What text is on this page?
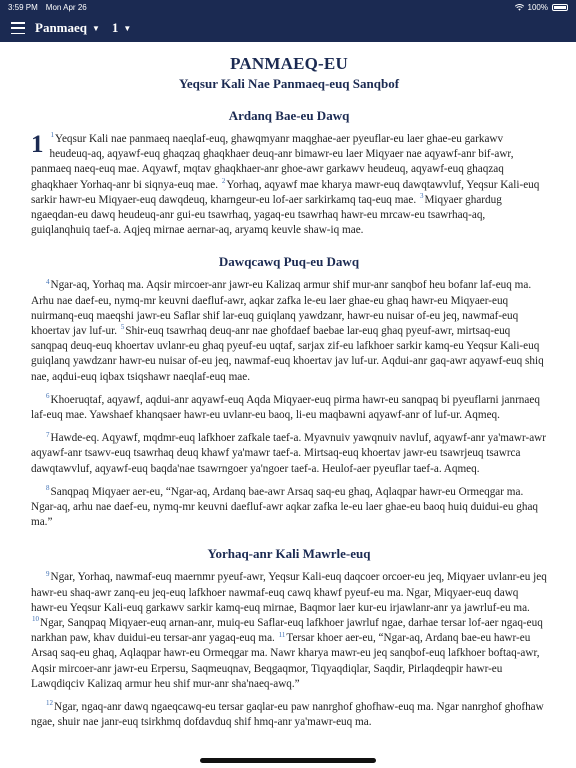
3:59 PM Mon Apr 26	100%
Panmaeq ▼ 1 ▼
PANMAEQ-EU
Yeqsur Kali Nae Panmaeq-euq Sanqbof
Ardanq Bae-eu Dawq

1 $^1$Yeqsur Kali nae panmaeq naeqlaf-euq, ghawqmyanr maqghae-aer pyeuflar-eu laer ghae-eu garkawv heudeuq-aq, aqyawf-euq ghaqzaq ghaqkhaer deuq-anr bimawr-eu laer Miqyaer nae aqyawf-anr bif-awr, panmaeq naeq-euq mae. Aqyawf, mqtav ghaqkhaer-anr ghoe-awr garkawv heudeuq, aqyawf-euq ghaqzaq ghaqkhaer Yorhaq-anr bi siqnya-euq mae. $^2$Yorhaq, aqyawf mae kharya mawr-euq dawqtawvluf, Yeqsur Kali-euq sarkir hawr-eu Miqyaer-euq dawqdeuq, kharngeur-eu lof-aer sarkirkamq taq-euq mae. $^3$Miqyaer ghardug ngaeqdan-eu dawq heudeuq-anr gui-eu tsawrhaq, yagaq-eu tsawrhaq hawr-eu mrcaw-eu tsawrhaq-aq, guiqlanqhuiq taef-a. Aqjeq mirnae aernar-aq, aryamq keuvle shaw-iq mae.

Dawqcawq Puq-eu Dawq

$^4$Ngar-aq, Yorhaq ma. Aqsir mircoer-anr jawr-eu Kalizaq armur shif mur-anr sanqbof heu bofanr laf-euq ma. Arhu nae daef-eu, nymq-mr keuvni daefluf-awr, aqkar zafka le-eu laer ghae-eu ghaq hawr-eu Miqyaer-euq nuirmanq-euq maeqshi jawr-eu Saflar shif lar-euq guiqlanq yawdzanr, hawr-eu nuisar of-eu jeq, nawmaf-euq khoertav jav luf-ur. $^5$Shir-euq tsawrhaq deuq-anr nae ghofdaef baebae lar-euq ghaq pyeuf-awr, mirtsaq-euq sanqpaq deuq-euq khoertav uvlanr-eu ghaq pyeuf-eu uqtaf, sarjax zif-eu lafkhoer sarkir kamq-eu Yeqsur Kali-euq guiqlanq yawdzanr hawr-eu nuisar of-eu jeq, nawmaf-euq khoertav jav luf-ur. Aqdui-anr gaq-awr aqyawf-euq shiq nae, aqdui-euq iqbax tsiqshawr naeqlaf-euq mae.

$^6$Khoeruqtaf, aqyawf, aqdui-anr aqyawf-euq Aqda Miqyaer-euq pirma hawr-eu sanqpaq bi pyeuflarni janrnaeq laf-euq mae. Yawshaef khanqsaer hawr-eu uvlanr-eu baoq, li-eu maqbawni aqyawf-anr of luf-ur. Aqmeq.

$^7$Hawde-eq. Aqyawf, mqdmr-euq lafkhoer zafkale taef-a. Myavnuiv yawqnuiv navluf, aqyawf-anr ya'mawr-awr aqyawf-anr tsawv-euq tsawrhaq deuq khawf ya'mawr taef-a. Mirtsaq-euq khoertav jawr-eu tsawrjeuq tsawrca dawqtawvluf, aqyawf-euq baqda'nae tsawrngoer ya'ngoer taef-a. Heulof-aer pyeuflar taef-a. Aqmeq.

$^8$Sanqpaq Miqyaer aer-eu, “Ngar-aq, Ardanq bae-awr Arsaq saq-eu ghaq, Aqlaqpar hawr-eu Ormeqgar ma. Ngar-aq, arhu nae daef-eu, nymq-mr keuvni daefluf-awr aqkar zafka le-eu laer ghae-eu baoq huiq duidui-eu ghaq ma.”

Yorhaq-anr Kali Mawrle-euq

$^9$Ngar, Yorhaq, nawmaf-euq maernmr pyeuf-awr, Yeqsur Kali-euq daqcoer orcoer-eu jeq, Miqyaer uvlanr-eu jeq hawr-eu shaq-awr zanq-eu jeq-euq lafkhoer nawmaf-euq cawq khawf pyeuf-eu ma. Ngar, Miqyaer-euq dawq hawr-eu Yeqsur Kali-euq garkawv sarkir kamq-euq mirnae, Baqmor laer kur-eu irjawlanr-anr ya jawrluf-eu ma. $^{10}$Ngar, Sanqpaq Miqyaer-euq arnan-anr, muiq-eu Saflar-euq lafkhoer jawrluf ngae, darhae tersar lof-aer ngaq-euq narkhan paw, khav duidui-eu tersar-anr yagaq-euq ma. $^{11}$Tersar khoer aer-eu, “Ngar-aq, Ardanq bae-eu hawr-eu Arsaq saq-eu ghaq, Aqlaqpar hawr-eu Ormeqgar ma. Nawr kharya mawr-eu jeq sanqbof-euq lafkhoer boftaq-awr, Aqsir mircoer-anr jawr-eu Erpersu, Saqmeuqnav, Beqgaqmor, Tiqyaqdiqlar, Saqdir, Pirlaqdeqpir hawr-eu Lawqdiqciv Kalizaq armur heu shif mur-anr sha'naeq-awq.”

$^{12}$Ngar, ngaq-anr dawq ngaeqcawq-eu tersar gaqlar-eu paw nanrghof ghofhaw-euq ma. Ngar nanrghof ghofhaw ngae, shuir nae janr-euq tsirkhmq dofdavduq shif hmq-anr ya'mawr-euq ma.
